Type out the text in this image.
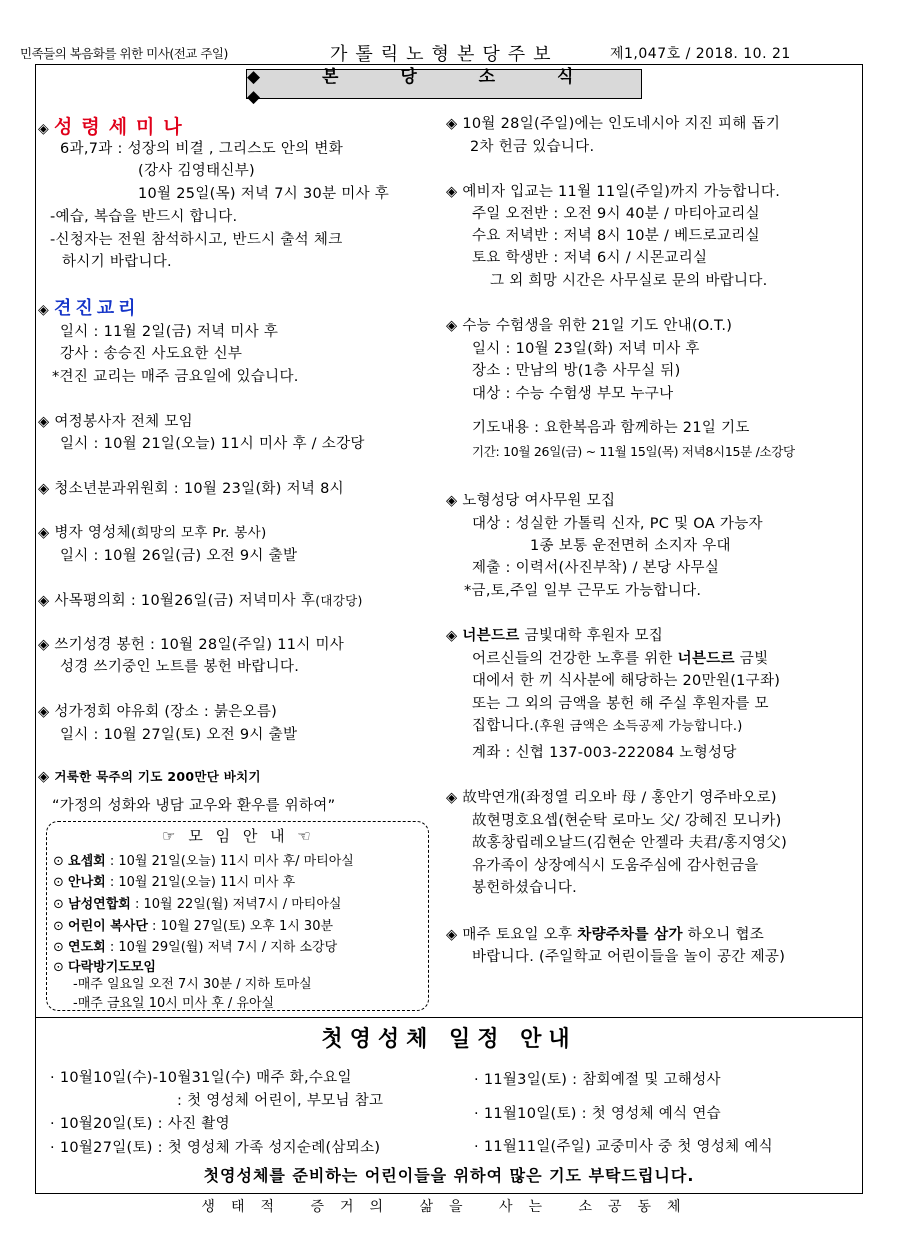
민족들의 복음화를 위한 미사(전교 주일)	가톨릭노형본당주보	제1,047호 / 2018. 10. 21
◆ 본 당 소 식 ◆
◈ 성령세미나
6과,7과 : 성장의 비결 , 그리스도 안의 변화
(강사 김영태신부)
10월 25일(목) 저녁 7시 30분 미사 후
-예습, 복습을 반드시 합니다.
-신청자는 전원 참석하시고, 반드시 출석 체크
하시기 바랍니다.
◈ 견진교리
일시 : 11월 2일(금) 저녁 미사 후
강사 : 송승진 사도요한 신부
*견진 교리는 매주 금요일에 있습니다.
◈ 여정봉사자 전체 모임
일시 : 10월 21일(오늘) 11시 미사 후 / 소강당
◈ 청소년분과위원회 : 10월 23일(화) 저녁 8시
◈ 병자 영성체(희망의 모후 Pr. 봉사)
일시 : 10월 26일(금) 오전 9시 출발
◈ 사목평의회 : 10월26일(금) 저녁미사 후(대강당)
◈ 쓰기성경 봉헌 : 10월 28일(주일) 11시 미사
성경 쓰기중인 노트를 봉헌 바랍니다.
◈ 성가정회 야유회 (장소 : 붉은오름)
일시 : 10월 27일(토) 오전 9시 출발
◈ 거룩한 묵주의 기도 200만단 바치기
“가정의 성화와 냉담 교우와 환우를 위하여”
☞ 모 임 안 내 ☜
⊙ 요셉회 : 10월 21일(오늘) 11시 미사 후/ 마티아실
⊙ 안나회 : 10월 21일(오늘) 11시 미사 후
⊙ 남성연합회 : 10월 22일(월) 저녁7시 / 마티아실
⊙ 어린이 복사단 : 10월 27일(토) 오후 1시 30분
⊙ 연도회 : 10월 29일(월) 저녁 7시 / 지하 소강당
⊙ 다락방기도모임
-매주 일요일 오전 7시 30분 / 지하 토마실
-매주 금요일 10시 미사 후 / 유아실
◈ 10월 28일(주일)에는 인도네시아 지진 피해 돕기
2차 헌금 있습니다.
◈ 예비자 입교는 11월 11일(주일)까지 가능합니다.
주일 오전반 : 오전 9시 40분 / 마티아교리실
수요 저녁반 : 저녁 8시 10분 / 베드로교리실
토요 학생반 : 저녁 6시 / 시몬교리실
그 외 희망 시간은 사무실로 문의 바랍니다.
◈ 수능 수험생을 위한 21일 기도 안내(O.T.)
일시 : 10월 23일(화) 저녁 미사 후
장소 : 만남의 방(1층 사무실 뒤)
대상 : 수능 수험생 부모 누구나
기도내용 : 요한복음과 함께하는 21일 기도
기간: 10월 26일(금) ~ 11월 15일(목) 저녁8시15분 /소강당
◈ 노형성당 여사무원 모집
대상 : 성실한 가톨릭 신자, PC 및 OA 가능자
1종 보통 운전면허 소지자 우대
제출 : 이력서(사진부착) / 본당 사무실
*금,토,주일 일부 근무도 가능합니다.
◈ 너븐드르 금빛대학 후원자 모집
어르신들의 건강한 노후를 위한 너븐드르 금빛
대에서 한 끼 식사분에 해당하는 20만원(1구좌)
또는 그 외의 금액을 봉헌 해 주실 후원자를 모
집합니다.(후원 금액은 소득공제 가능합니다.)
계좌 : 신협 137-003-222084 노형성당
◈ 故박연개(좌정열 리오바 母 / 홍안기 영주바오로)
故현명호요셉(현순탁 로마노 父/ 강혜진 모니카)
故홍창립레오날드(김현순 안젤라 夫君/홍지영父)
유가족이 상장예식시 도움주심에 감사헌금을
봉헌하셨습니다.
◈ 매주 토요일 오후 차량주차를 삼가 하오니 협조
바랍니다. (주일학교 어린이들을 놀이 공간 제공)
첫영성체 일정 안내
· 10월10일(수)-10월31일(수) 매주 화,수요일
: 첫 영성체 어린이, 부모님 참고
· 10월20일(토) : 사진 촬영
· 10월27일(토) : 첫 영성체 가족 성지순례(삼뫼소)
· 11월3일(토) : 참회예절 및 고해성사
· 11월10일(토) : 첫 영성체 예식 연습
· 11월11일(주일) 교중미사 중 첫 영성체 예식
첫영성체를 준비하는 어린이들을 위하여 많은 기도 부탁드립니다.
생태적 증거의 삶을 사는 소공동체
